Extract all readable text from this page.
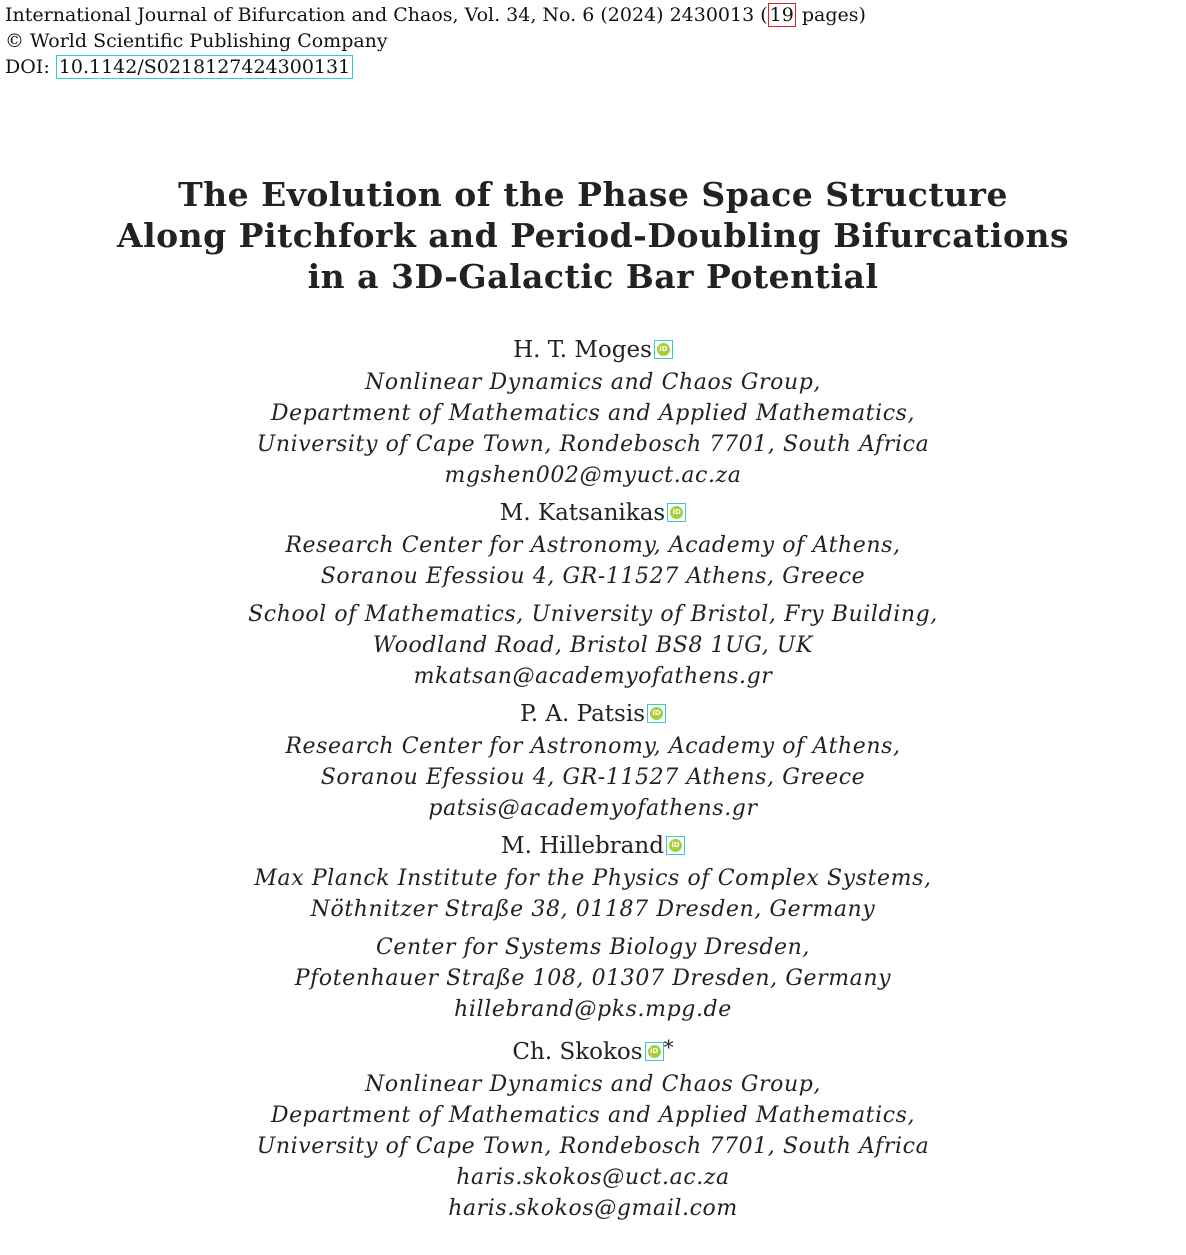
International Journal of Bifurcation and Chaos, Vol. 34, No. 6 (2024) 2430013 ( 19 pages)
© World Scientific Publishing Company
DOI: 10.1142/S0218127424300131
The Evolution of the Phase Space Structure
Along Pitchfork and Period-Doubling Bifurcations
in a 3D-Galactic Bar Potential
H. T. Moges	iD
Nonlinear Dynamics and Chaos Group,
Department of Mathematics and Applied Mathematics,
University of Cape Town, Rondebosch 7701, South Africa
mgshen002@myuct.ac.za
M. Katsanikas	iD
Research Center for Astronomy, Academy of Athens,
Soranou Efessiou 4, GR-11527 Athens, Greece
School of Mathematics, University of Bristol, Fry Building,
Woodland Road, Bristol BS8 1UG, UK
mkatsan@academyofathens.gr
P. A. Patsis	iD
Research Center for Astronomy, Academy of Athens,
Soranou Efessiou 4, GR-11527 Athens, Greece
patsis@academyofathens.gr
M. Hillebrand	iD
Max Planck Institute for the Physics of Complex Systems,
Nöthnitzer Straße 38, 01187 Dresden, Germany
Center for Systems Biology Dresden,
Pfotenhauer Straße 108, 01307 Dresden, Germany
hillebrand@pks.mpg.de
Ch. Skokos	iD *
Nonlinear Dynamics and Chaos Group,
Department of Mathematics and Applied Mathematics,
University of Cape Town, Rondebosch 7701, South Africa
haris.skokos@uct.ac.za
haris.skokos@gmail.com
